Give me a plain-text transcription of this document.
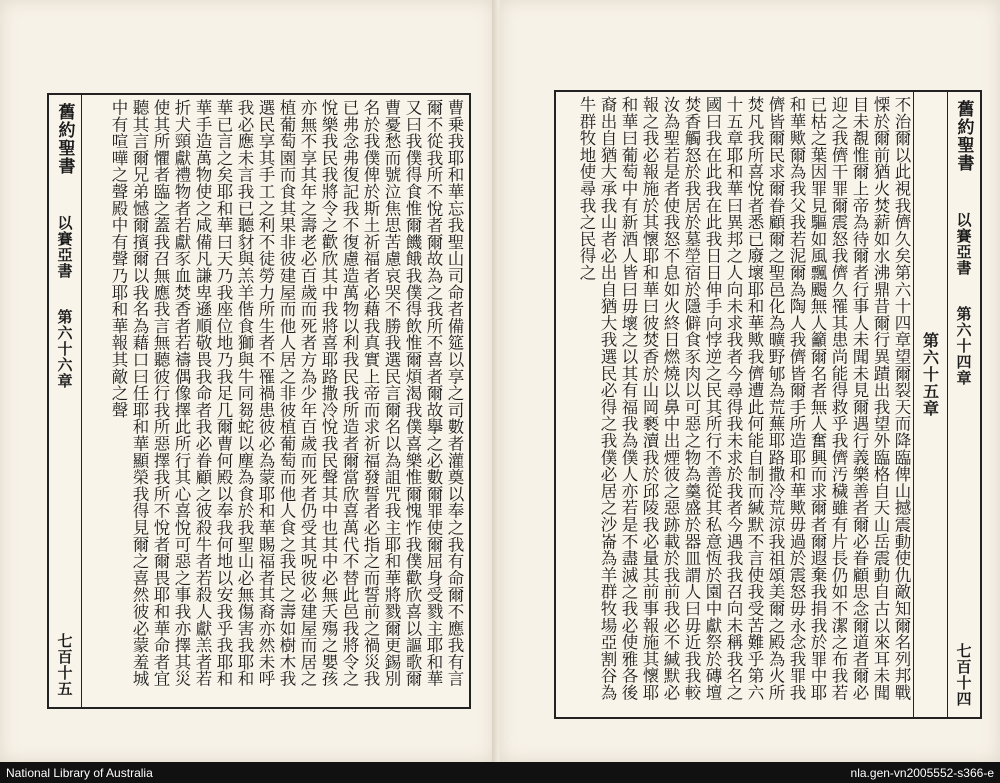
舊約聖書
以賽亞書
第六十六章
七百十五	曹乗我耶和華忘我聖山司命者備筵以享之司數者灌奠以奉之我有命爾不應我有言爾不從我所不悅者爾故為之我所不喜者爾故擧之必數爾罪使爾屈身受戮主耶和華又曰我僕得食惟爾饑餓我僕得飲惟爾煩渴我僕喜樂惟爾愧怍我僕歡欣喜以謳歌爾曹憂愁而號泣焦思苦慮哀哭不勝我選民言爾名以為詛咒我主耶和華將戮爾更錫別名於我僕俾於斯土祈福者必藉我真實上帝而求祈福發誓者必指之而誓前之禍災我已弗念弗復記我不復慮造萬物以利我民我所造者爾當欣喜萬代不替此邑我將令之悅樂我民我將令之歡欣其中我將喜耶路撒冷悅我民聲其中也其中必無夭殤之嬰孩亦無不享其年之壽老必百歲而死者方為少年百歲而死者仍受其呪彼必建屋而居之植葡萄園而食其果非彼建屋而他人居之非彼植葡萄而他人食之我民之壽如樹木我選民享其手工之利不徒勞力所生者不罹禍患彼必為蒙耶和華賜福者其裔亦然未呼我必應未言我已聽豺與羔羊偕食獅與牛同芻蛇以塵為食於我聖山必無傷害我耶和華已言之矣耶和華曰天乃我座位地乃我足几爾曹何殿以奉我何地以安我乎我耶和華手造萬物使之咸備凡謙卑遜順敬畏我命者我必眷顧之彼殺牛者若殺人獻羔者若折犬頸獻禮物者若獻豕血焚香者若禱偶像擇此所行其心喜悅可惡之事我亦擇其災使其所懼者臨之蓋我召無應我言無聽彼行我所惡擇我所不悅者爾畏耶和華命者宜聽其言爾兄弟憾爾擯爾以我名為藉口曰任耶和華顯榮我得見爾之喜然彼必蒙羞城中有喧嘩之聲殿中有聲乃耶和華報其敵之聲	不治爾以此視我儕久矣第六十四章望爾裂天而降臨俾山撼震動使仇敵知爾名列邦戰慄於爾前猶火焚薪如水沸鼎昔爾行異蹟出我望外臨格自天山岳震動自古以來耳未聞目未覩惟爾上帝為待爾者行事人未聞未見爾遇行義樂善者爾必眷顧思念爾道者爾必迎之我儕干罪爾震怒我儕久罹其患尚能得救乎我儕汚穢雖有片長仍如不潔之布我若已枯之葉因罪見驅如風飄颺無人籲爾名者無人奮興而求爾者爾遐棄我捐我於罪中耶和華歟爾為我父我若泥爾為陶人我儕皆爾手所造耶和華歟毋過於震怒毋永念我罪我儕皆爾民求爾眷顧爾之聖邑化為曠野郇為荒蕪耶路撒冷荒涼我祖頌美爾之殿為火所焚凡我所喜悅者悉已廢壞耶和華歟我儕遭此何能自制而緘默不言使我受苦難乎第六十五章耶和華曰異邦之人向未求我者今尋得我未求於我者今遇我我召向未稱我名之國曰我在此我在此我日日伸手向悖逆之民其所行不善從其私意恆於園中獻祭於磚壇焚香觸怒於我居於墓塋宿於隱僻食豕肉以可惡之物為羹盛於器皿謂人曰毋近我我較汝為聖若是者使我怒不息如火終日燃燒以鼻中出煙彼之惡跡載於我前我必不緘默必報之我必報施於其懷耶和華曰彼焚香於山岡褻瀆我於邱陵我必量其前事報施其懷耶和華曰葡萄中有新酒人皆曰毋壞之以其有福我為僕人亦若是不盡滅之我必使雅各後裔出自猶大承我山者必出自猶大我選民必得之我僕必居之沙崙為羊群牧場亞割谷為牛群牧地使尋我之民得之
第六十五章
舊約聖書
以賽亞書
第六十四章
七百十四
National Library of Australia	nla.gen-vn2005552-s366-e
